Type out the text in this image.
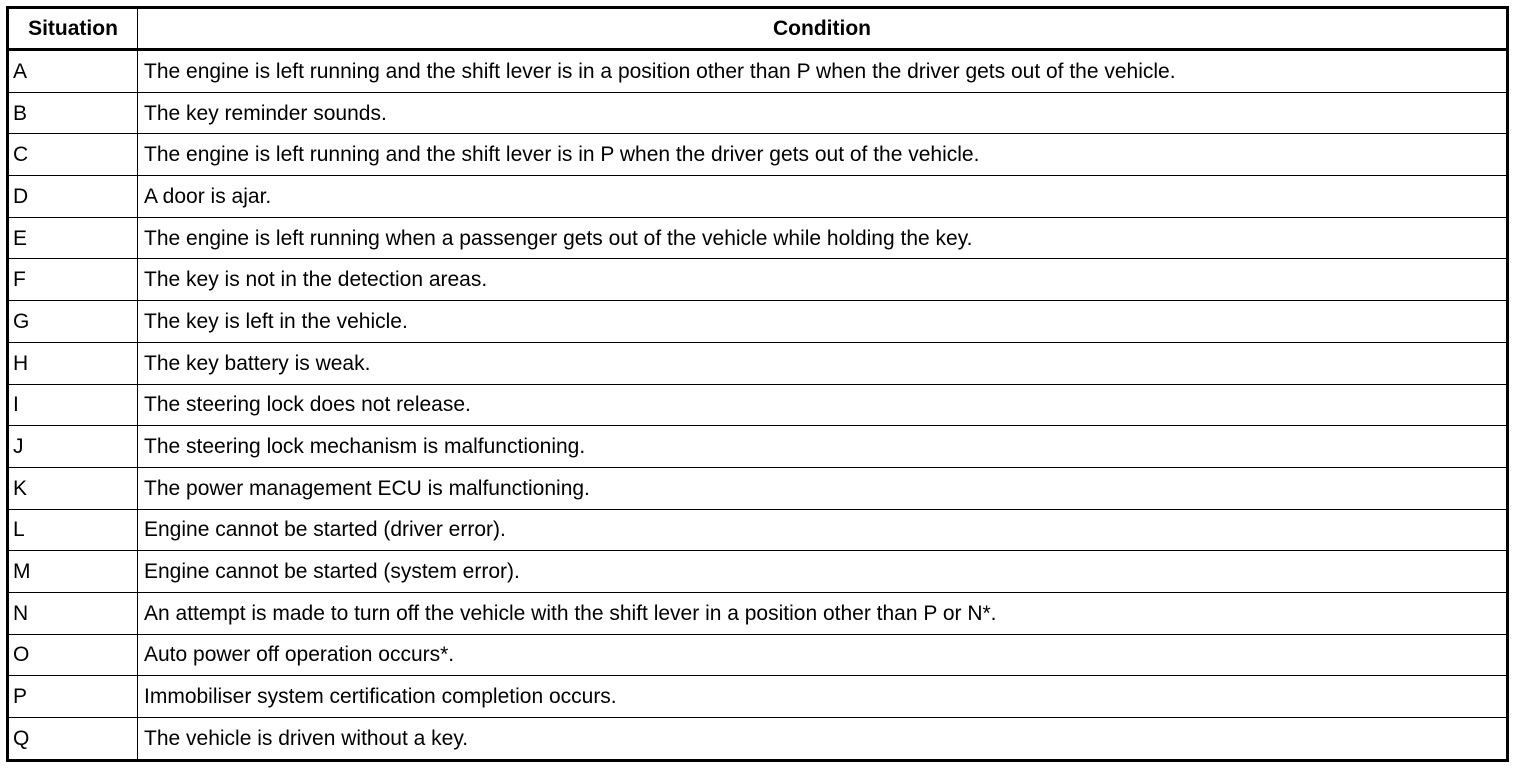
Situation	Condition
A	The engine is left running and the shift lever is in a position other than P when the driver gets out of the vehicle.
B	The key reminder sounds.
C	The engine is left running and the shift lever is in P when the driver gets out of the vehicle.
D	A door is ajar.
E	The engine is left running when a passenger gets out of the vehicle while holding the key.
F	The key is not in the detection areas.
G	The key is left in the vehicle.
H	The key battery is weak.
I	The steering lock does not release.
J	The steering lock mechanism is malfunctioning.
K	The power management ECU is malfunctioning.
L	Engine cannot be started (driver error).
M	Engine cannot be started (system error).
N	An attempt is made to turn off the vehicle with the shift lever in a position other than P or N*.
O	Auto power off operation occurs*.
P	Immobiliser system certification completion occurs.
Q	The vehicle is driven without a key.
